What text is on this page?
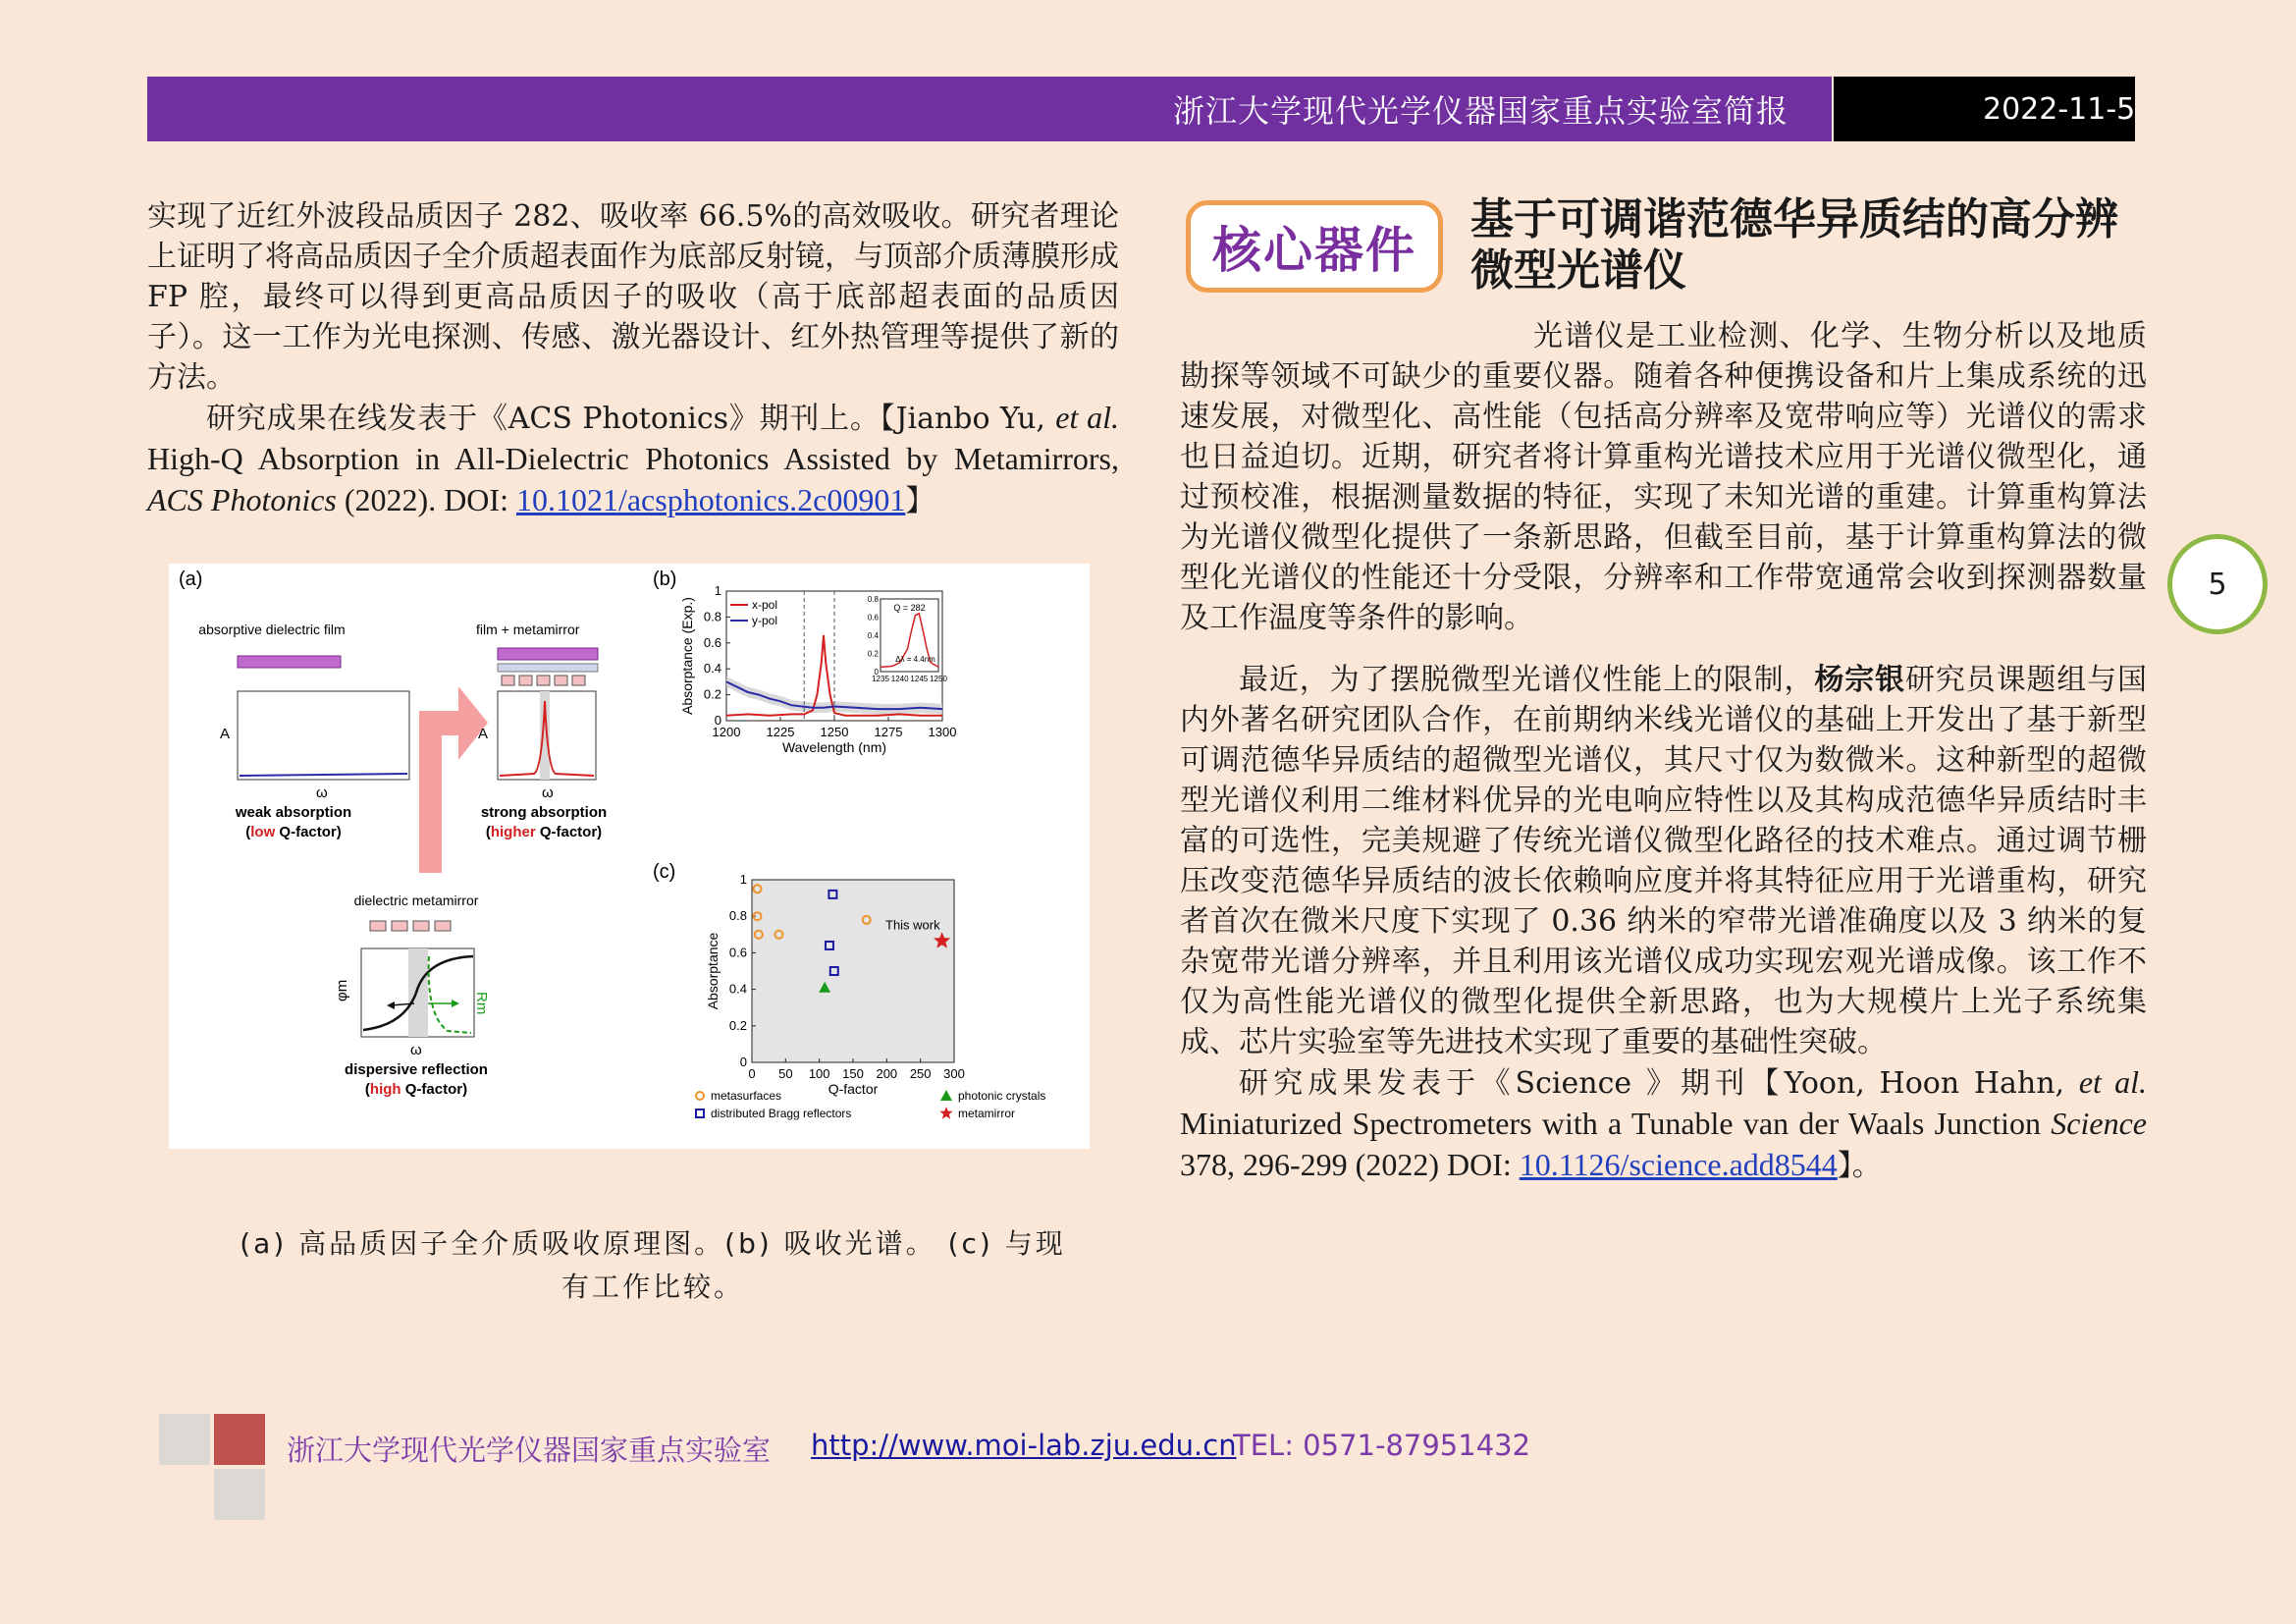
浙江大学现代光学仪器国家重点实验室简报	2022-11-5

实现了近红外波段品质因子 282、吸收率 66.5%的高效吸收。研究者理论上证明了将高品质因子全介质超表面作为底部反射镜，与顶部介质薄膜形成 FP 腔，最终可以得到更高品质因子的吸收（高于底部超表面的品质因子）。这一工作为光电探测、传感、激光器设计、红外热管理等提供了新的方法。

研究成果在线发表于《ACS Photonics》期刊上。【Jianbo Yu, et al. High-Q Absorption in All-Dielectric Photonics Assisted by Metamirrors, ACS Photonics (2022). DOI: 10.1021/acsphotonics.2c00901】

(a)
absorptive dielectric film
A
ω
weak absorption
(low Q-factor)
film + metamirror
A
ω
strong absorption
(higher Q-factor)
dielectric metamirror
φm
Rm
ω
dispersive reflection
(high Q-factor)
(b)
1200 1225 1250 1275 1300
0
0.2
0.4
0.6
0.8
1
Wavelength (nm)
Absorptance (Exp.)	x-pol
y-pol
Q = 282
Δλ = 4.4nm
1235 1240 1245 1250
0
0.2
0.4
0.6
0.8
(c)
0 50 100 150 200 250 300
0
0.2
0.4
0.6
0.8
1
Q-factor
Absorptance
This work
metasurfaces
distributed Bragg reflectors
photonic crystals
metamirror
(a) 高品质因子全介质吸收原理图。(b) 吸收光谱。 (c) 与现
有工作比较。
核心器件
基于可调谐范德华异质结的高分辨微型光谱仪

光谱仪是工业检测、化学、生物分析以及地质勘探等领域不可缺少的重要仪器。随着各种便携设备和片上集成系统的迅速发展，对微型化、高性能（包括高分辨率及宽带响应等）光谱仪的需求也日益迫切。近期，研究者将计算重构光谱技术应用于光谱仪微型化，通过预校准，根据测量数据的特征，实现了未知光谱的重建。计算重构算法为光谱仪微型化提供了一条新思路，但截至目前，基于计算重构算法的微型化光谱仪的性能还十分受限，分辨率和工作带宽通常会收到探测器数量及工作温度等条件的影响。

最近，为了摆脱微型光谱仪性能上的限制，杨宗银研究员课题组与国内外著名研究团队合作，在前期纳米线光谱仪的基础上开发出了基于新型可调范德华异质结的超微型光谱仪，其尺寸仅为数微米。这种新型的超微型光谱仪利用二维材料优异的光电响应特性以及其构成范德华异质结时丰富的可选性，完美规避了传统光谱仪微型化路径的技术难点。通过调节栅压改变范德华异质结的波长依赖响应度并将其特征应用于光谱重构，研究者首次在微米尺度下实现了 0.36 纳米的窄带光谱准确度以及 3 纳米的复杂宽带光谱分辨率，并且利用该光谱仪成功实现宏观光谱成像。该工作不仅为高性能光谱仪的微型化提供全新思路，也为大规模片上光子系统集成、芯片实验室等先进技术实现了重要的基础性突破。

研究成果发表于《Science 》期刊【Yoon, Hoon Hahn, et al. Miniaturized Spectrometers with a Tunable van der Waals Junction Science 378, 296-299 (2022) DOI: 10.1126/science.add8544】。

5
浙江大学现代光学仪器国家重点实验室 http://www.moi-lab.zju.edu.cn
TEL: 0571-87951432
